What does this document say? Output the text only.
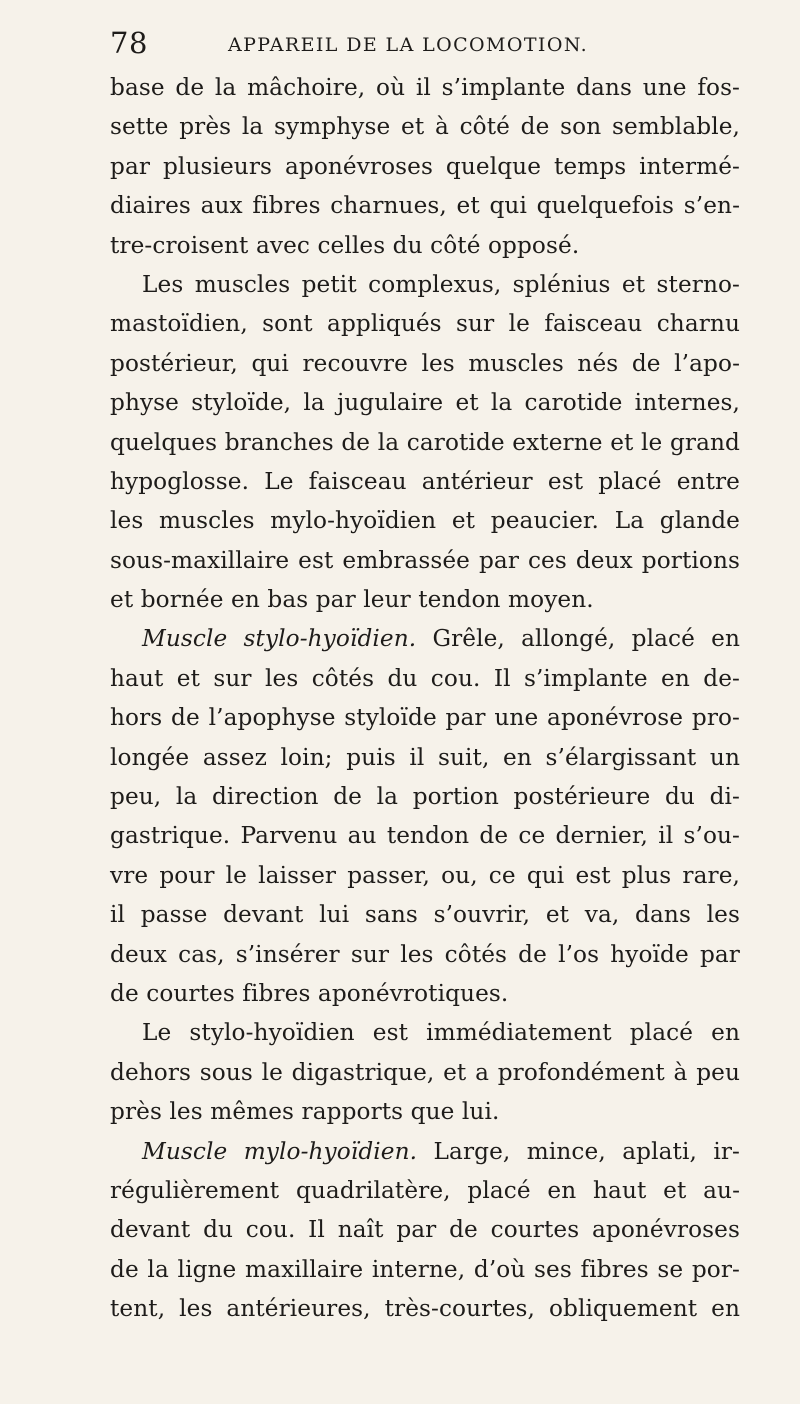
78	APPAREIL DE LA LOCOMOTION.
base de la mâchoire, où il s’implante dans une fos-
sette près la symphyse et à côté de son semblable,
par plusieurs aponévroses quelque temps intermé-
diaires aux fibres charnues, et qui quelquefois s’en-
tre-croisent avec celles du côté opposé.
Les muscles petit complexus, splénius et sterno-
mastoïdien, sont appliqués sur le faisceau charnu
postérieur, qui recouvre les muscles nés de l’apo-
physe styloïde, la jugulaire et la carotide internes,
quelques branches de la carotide externe et le grand
hypoglosse. Le faisceau antérieur est placé entre
les muscles mylo-hyoïdien et peaucier. La glande
sous-maxillaire est embrassée par ces deux portions
et bornée en bas par leur tendon moyen.
Muscle stylo-hyoïdien. Grêle, allongé, placé en
haut et sur les côtés du cou. Il s’implante en de-
hors de l’apophyse styloïde par une aponévrose pro-
longée assez loin; puis il suit, en s’élargissant un
peu, la direction de la portion postérieure du di-
gastrique. Parvenu au tendon de ce dernier, il s’ou-
vre pour le laisser passer, ou, ce qui est plus rare,
il passe devant lui sans s’ouvrir, et va, dans les
deux cas, s’insérer sur les côtés de l’os hyoïde par
de courtes fibres aponévrotiques.
Le stylo-hyoïdien est immédiatement placé en
dehors sous le digastrique, et a profondément à peu
près les mêmes rapports que lui.
Muscle mylo-hyoïdien. Large, mince, aplati, ir-
régulièrement quadrilatère, placé en haut et au-
devant du cou. Il naît par de courtes aponévroses
de la ligne maxillaire interne, d’où ses fibres se por-
tent, les antérieures, très-courtes, obliquement en
